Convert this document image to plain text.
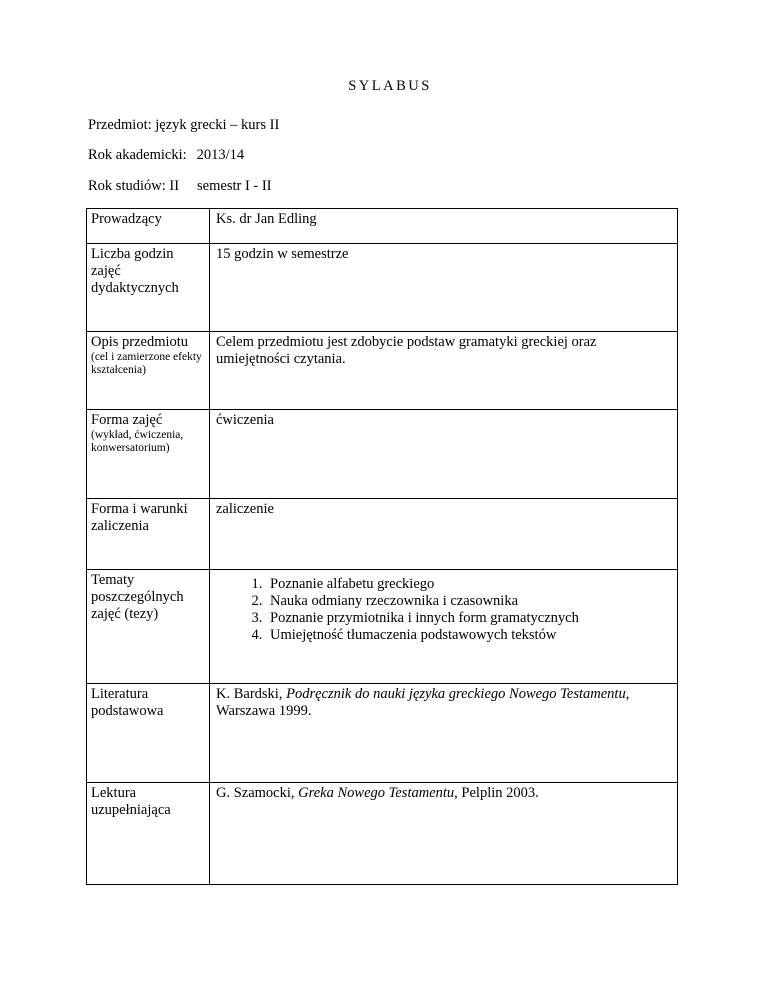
SYLABUS
Przedmiot: język grecki – kurs II
Rok akademicki: 2013/14
Rok studiów: II semestr I - II
Prowadzący	Ks. dr Jan Edling
Liczba godzin zajęć dydaktycznych
15 godzin w semestrze
Opis przedmiotu
(cel i zamierzone efekty kształcenia)
Celem przedmiotu jest zdobycie podstaw gramatyki greckiej oraz umiejętności czytania.
Forma zajęć
(wykład, ćwiczenia, konwersatorium)
ćwiczenia
Forma i warunki zaliczenia
zaliczenie
Tematy poszczególnych zajęć (tezy)
1. Poznanie alfabetu greckiego
2. Nauka odmiany rzeczownika i czasownika
3. Poznanie przymiotnika i innych form gramatycznych
4. Umiejętność tłumaczenia podstawowych tekstów
Literatura podstawowa
K. Bardski, Podręcznik do nauki języka greckiego Nowego Testamentu, Warszawa 1999.
Lektura uzupełniająca
G. Szamocki, Greka Nowego Testamentu, Pelplin 2003.
